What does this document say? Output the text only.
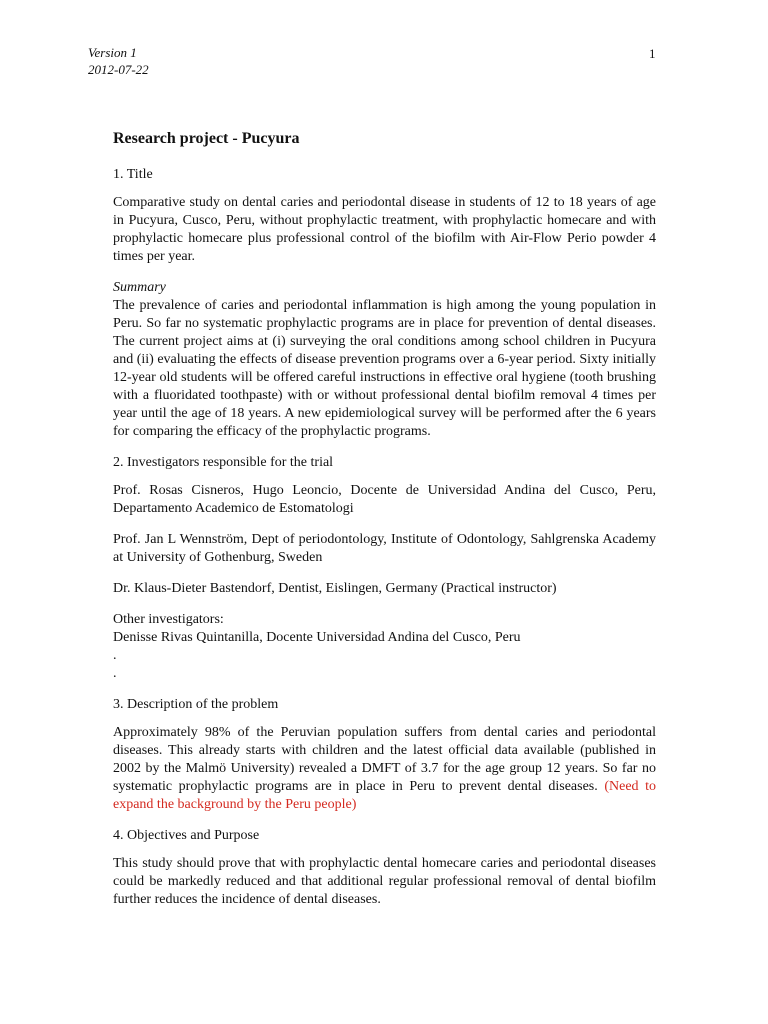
Version 1
2012-07-22
1
Research project - Pucyura

1. Title

Comparative study on dental caries and periodontal disease in students of 12 to 18 years of age in Pucyura, Cusco, Peru, without prophylactic treatment, with prophylactic homecare and with prophylactic homecare plus professional control of the biofilm with Air-Flow Perio powder 4 times per year.

Summary

The prevalence of caries and periodontal inflammation is high among the young population in Peru. So far no systematic prophylactic programs are in place for prevention of dental diseases. The current project aims at (i) surveying the oral conditions among school children in Pucyura and (ii) evaluating the effects of disease prevention programs over a 6-year period. Sixty initially 12-year old students will be offered careful instructions in effective oral hygiene (tooth brushing with a fluoridated toothpaste) with or without professional dental biofilm removal 4 times per year until the age of 18 years. A new epidemiological survey will be performed after the 6 years for comparing the efficacy of the prophylactic programs.

2. Investigators responsible for the trial

Prof. Rosas Cisneros, Hugo Leoncio, Docente de Universidad Andina del Cusco, Peru, Departamento Academico de Estomatologi

Prof. Jan L Wennström, Dept of periodontology, Institute of Odontology, Sahlgrenska Academy at University of Gothenburg, Sweden

Dr. Klaus-Dieter Bastendorf, Dentist, Eislingen, Germany (Practical instructor)

Other investigators:

Denisse Rivas Quintanilla, Docente Universidad Andina del Cusco, Peru

.

.

3. Description of the problem

Approximately 98% of the Peruvian population suffers from dental caries and periodontal diseases. This already starts with children and the latest official data available (published in 2002 by the Malmö University) revealed a DMFT of 3.7 for the age group 12 years. So far no systematic prophylactic programs are in place in Peru to prevent dental diseases. (Need to expand the background by the Peru people)

4. Objectives and Purpose

This study should prove that with prophylactic dental homecare caries and periodontal diseases could be markedly reduced and that additional regular professional removal of dental biofilm further reduces the incidence of dental diseases.
